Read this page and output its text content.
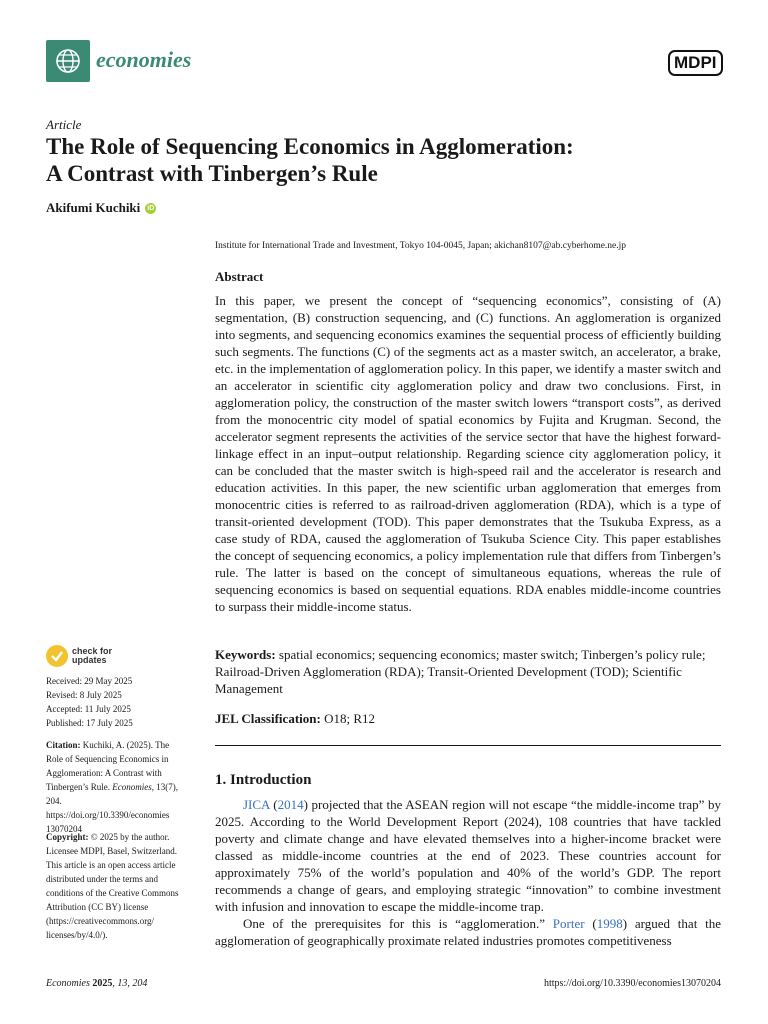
economies	MDPI
Article
The Role of Sequencing Economics in Agglomeration:
A Contrast with Tinbergen’s Rule
Akifumi Kuchiki iD
Institute for International Trade and Investment, Tokyo 104-0045, Japan; akichan8107@ab.cyberhome.ne.jp
Abstract

In this paper, we present the concept of “sequencing economics”, consisting of (A) segmentation, (B) construction sequencing, and (C) functions. An agglomeration is organized into segments, and sequencing economics examines the sequential process of efficiently building such segments. The functions (C) of the segments act as a master switch, an accelerator, a brake, etc. in the implementation of agglomeration policy. In this paper, we identify a master switch and an accelerator in scientific city agglomeration policy and draw two conclusions. First, in agglomeration policy, the construction of the master switch lowers “transport costs”, as derived from the monocentric city model of spatial economics by Fujita and Krugman. Second, the accelerator segment represents the activities of the service sector that have the highest forward-linkage effect in an input–output relationship. Regarding science city agglomeration policy, it can be concluded that the master switch is high-speed rail and the accelerator is research and education activities. In this paper, the new scientific urban agglomeration that emerges from monocentric cities is referred to as railroad-driven agglomeration (RDA), which is a type of transit-oriented development (TOD). This paper demonstrates that the Tsukuba Express, as a case study of RDA, caused the agglomeration of Tsukuba Science City. This paper establishes the concept of sequencing economics, a policy implementation rule that differs from Tinbergen’s rule. The latter is based on the concept of simultaneous equations, whereas the rule of sequencing economics is based on sequential equations. RDA enables middle-income countries to surpass their middle-income status.

check for
updates
Received: 29 May 2025
Revised: 8 July 2025
Accepted: 11 July 2025
Published: 17 July 2025
Citation: Kuchiki, A. (2025). The Role of Sequencing Economics in Agglomeration: A Contrast with Tinbergen’s Rule. Economies, 13(7), 204. https://doi.org/10.3390/economies 13070204
Copyright: © 2025 by the author. Licensee MDPI, Basel, Switzerland. This article is an open access article distributed under the terms and conditions of the Creative Commons Attribution (CC BY) license (https://creativecommons.org/ licenses/by/4.0/).

Keywords: spatial economics; sequencing economics; master switch; Tinbergen’s policy rule; Railroad-Driven Agglomeration (RDA); Transit-Oriented Development (TOD); Scientific Management

JEL Classification: O18; R12
1. Introduction

JICA (2014) projected that the ASEAN region will not escape “the middle-income trap” by 2025. According to the World Development Report (2024), 108 countries that have tackled poverty and climate change and have elevated themselves into a higher-income bracket were classed as middle-income countries at the end of 2023. These countries account for approximately 75% of the world’s population and 40% of the world’s GDP. The report recommends a change of gears, and employing strategic “innovation” to combine investment with infusion and innovation to escape the middle-income trap.

One of the prerequisites for this is “agglomeration.” Porter (1998) argued that the agglomeration of geographically proximate related industries promotes competitiveness

Economies 2025, 13, 204	https://doi.org/10.3390/economies13070204
